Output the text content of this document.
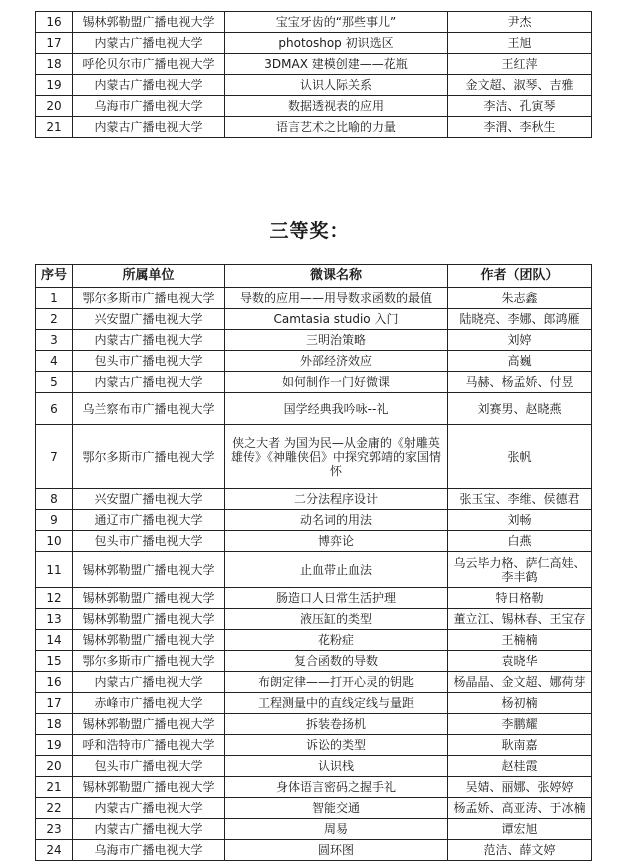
16	锡林郭勒盟广播电视大学	宝宝牙齿的“那些事儿”	尹杰
17	内蒙古广播电视大学	photoshop 初识选区	王旭
18	呼伦贝尔市广播电视大学	3DMAX 建模创建——花瓶	王红萍
19	内蒙古广播电视大学	认识人际关系	金文超、淑琴、吉雅
20	乌海市广播电视大学	数据透视表的应用	李洁、孔寅琴
21	内蒙古广播电视大学	语言艺术之比喻的力量	李渭、李秋生
三等奖：
序号	所属单位	微课名称	作者（团队）
1	鄂尔多斯市广播电视大学	导数的应用——用导数求函数的最值	朱志鑫
2	兴安盟广播电视大学	Camtasia studio 入门	陆晓亮、李娜、郎鸿雁
3	内蒙古广播电视大学	三明治策略	刘婷
4	包头市广播电视大学	外部经济效应	高巍
5	内蒙古广播电视大学	如何制作一门好微课	马赫、杨孟娇、付昱
6	乌兰察布市广播电视大学	国学经典我吟咏--礼	刘赛男、赵晓燕
7	鄂尔多斯市广播电视大学	侠之大者 为国为民—从金庸的《射雕英雄传》《神雕侠侣》中探究郭靖的家国情怀	张帆
8	兴安盟广播电视大学	二分法程序设计	张玉宝、李维、侯德君
9	通辽市广播电视大学	动名词的用法	刘畅
10	包头市广播电视大学	博弈论	白燕
11	锡林郭勒盟广播电视大学	止血带止血法	乌云毕力格、萨仁高娃、李丰鹤
12	锡林郭勒盟广播电视大学	肠造口人日常生活护理	特日格勒
13	锡林郭勒盟广播电视大学	液压缸的类型	董立江、锡林春、王宝存
14	锡林郭勒盟广播电视大学	花粉症	王楠楠
15	鄂尔多斯市广播电视大学	复合函数的导数	袁晓华
16	内蒙古广播电视大学	布朗定律——打开心灵的钥匙	杨晶晶、金文超、娜荷芽
17	赤峰市广播电视大学	工程测量中的直线定线与量距	杨初楠
18	锡林郭勒盟广播电视大学	拆装卷扬机	李鹏耀
19	呼和浩特市广播电视大学	诉讼的类型	耿南嘉
20	包头市广播电视大学	认识栈	赵桂霞
21	锡林郭勒盟广播电视大学	身体语言密码之握手礼	吴婧、丽娜、张婷婷
22	内蒙古广播电视大学	智能交通	杨孟娇、高亚涛、于冰楠
23	内蒙古广播电视大学	周易	谭宏旭
24	乌海市广播电视大学	圆环图	范洁、薛文婷
